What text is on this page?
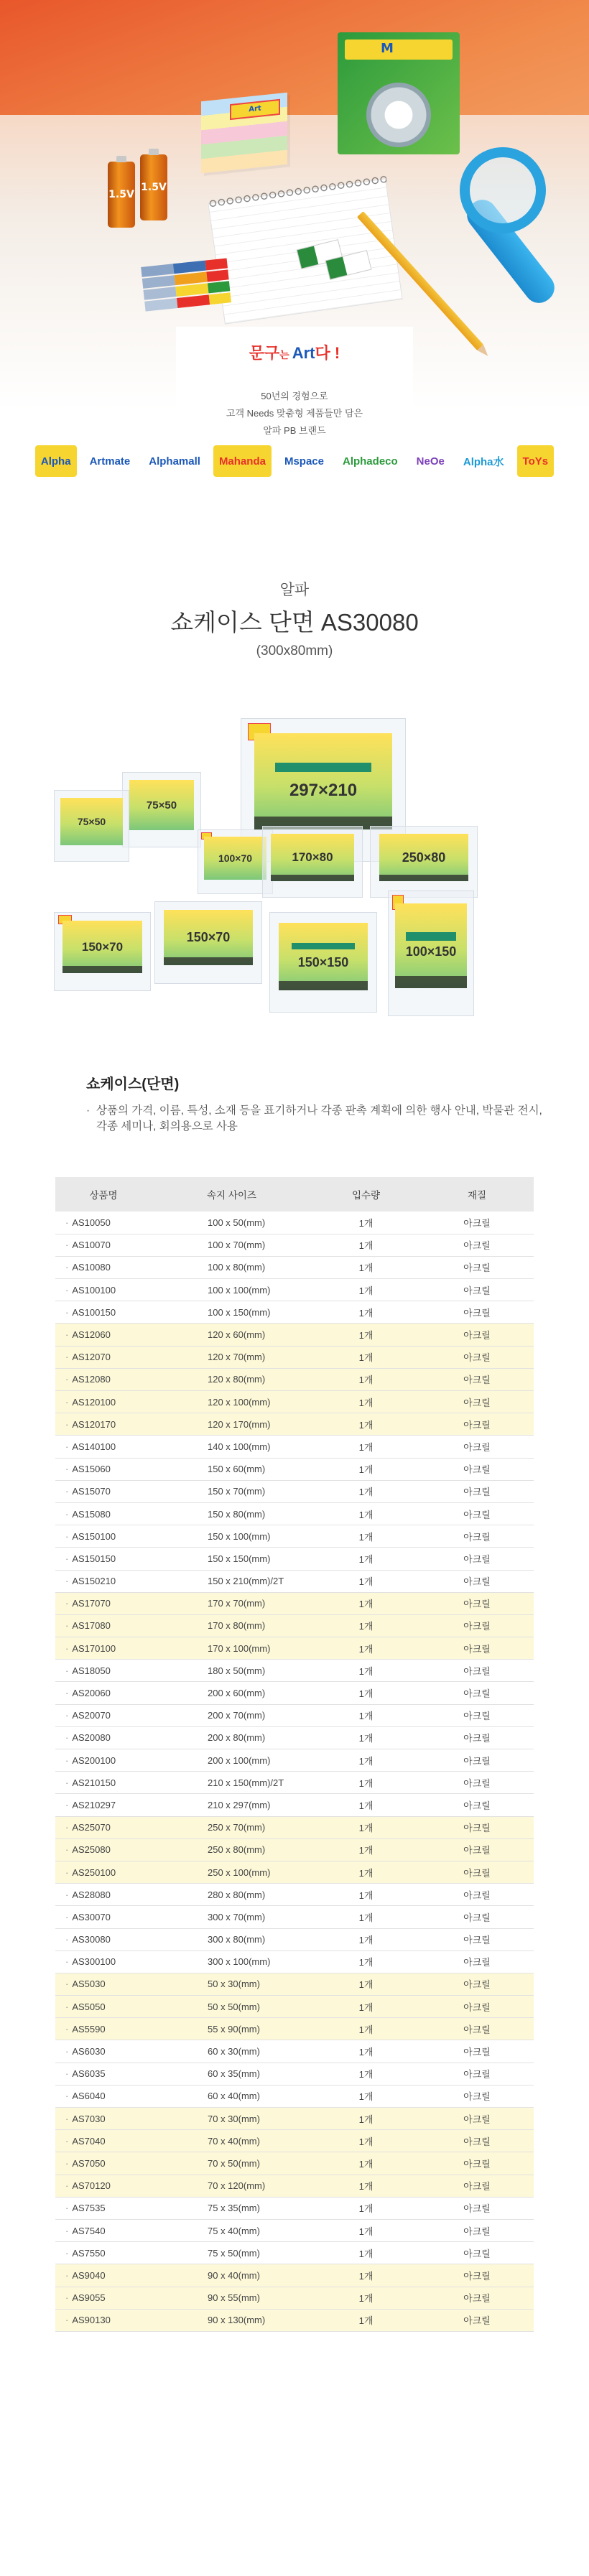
M
Art
1.5V
1.5V
문구는 Art다 !
50년의 경험으로
고객 Needs 맞춤형 제품들만 담은
알파 PB 브랜드
Alpha	Artmate	Alphamall	Mahanda	Mspace	Alphadeco	NeOe	Alpha水	ToYs
알파
쇼케이스 단면 AS30080
(300x80mm)
297×210
75×50
75×50
100×70	170×80	250×80
150×70
150×70
150×150
100×150
쇼케이스(단면)
· 상품의 가격, 이름, 특성, 소재 등을 표기하거나 각종 판촉 계획에 의한 행사 안내, 박물관 전시, 각종 세미나, 회의용으로 사용
상품명	속지 사이즈	입수량	재질
· AS10050	100 x 50(mm)	1개	아크릴
· AS10070	100 x 70(mm)	1개	아크릴
· AS10080	100 x 80(mm)	1개	아크릴
· AS100100	100 x 100(mm)	1개	아크릴
· AS100150	100 x 150(mm)	1개	아크릴
· AS12060	120 x 60(mm)	1개	아크릴
· AS12070	120 x 70(mm)	1개	아크릴
· AS12080	120 x 80(mm)	1개	아크릴
· AS120100	120 x 100(mm)	1개	아크릴
· AS120170	120 x 170(mm)	1개	아크릴
· AS140100	140 x 100(mm)	1개	아크릴
· AS15060	150 x 60(mm)	1개	아크릴
· AS15070	150 x 70(mm)	1개	아크릴
· AS15080	150 x 80(mm)	1개	아크릴
· AS150100	150 x 100(mm)	1개	아크릴
· AS150150	150 x 150(mm)	1개	아크릴
· AS150210	150 x 210(mm)/2T	1개	아크릴
· AS17070	170 x 70(mm)	1개	아크릴
· AS17080	170 x 80(mm)	1개	아크릴
· AS170100	170 x 100(mm)	1개	아크릴
· AS18050	180 x 50(mm)	1개	아크릴
· AS20060	200 x 60(mm)	1개	아크릴
· AS20070	200 x 70(mm)	1개	아크릴
· AS20080	200 x 80(mm)	1개	아크릴
· AS200100	200 x 100(mm)	1개	아크릴
· AS210150	210 x 150(mm)/2T	1개	아크릴
· AS210297	210 x 297(mm)	1개	아크릴
· AS25070	250 x 70(mm)	1개	아크릴
· AS25080	250 x 80(mm)	1개	아크릴
· AS250100	250 x 100(mm)	1개	아크릴
· AS28080	280 x 80(mm)	1개	아크릴
· AS30070	300 x 70(mm)	1개	아크릴
· AS30080	300 x 80(mm)	1개	아크릴
· AS300100	300 x 100(mm)	1개	아크릴
· AS5030	50 x 30(mm)	1개	아크릴
· AS5050	50 x 50(mm)	1개	아크릴
· AS5590	55 x 90(mm)	1개	아크릴
· AS6030	60 x 30(mm)	1개	아크릴
· AS6035	60 x 35(mm)	1개	아크릴
· AS6040	60 x 40(mm)	1개	아크릴
· AS7030	70 x 30(mm)	1개	아크릴
· AS7040	70 x 40(mm)	1개	아크릴
· AS7050	70 x 50(mm)	1개	아크릴
· AS70120	70 x 120(mm)	1개	아크릴
· AS7535	75 x 35(mm)	1개	아크릴
· AS7540	75 x 40(mm)	1개	아크릴
· AS7550	75 x 50(mm)	1개	아크릴
· AS9040	90 x 40(mm)	1개	아크릴
· AS9055	90 x 55(mm)	1개	아크릴
· AS90130	90 x 130(mm)	1개	아크릴
